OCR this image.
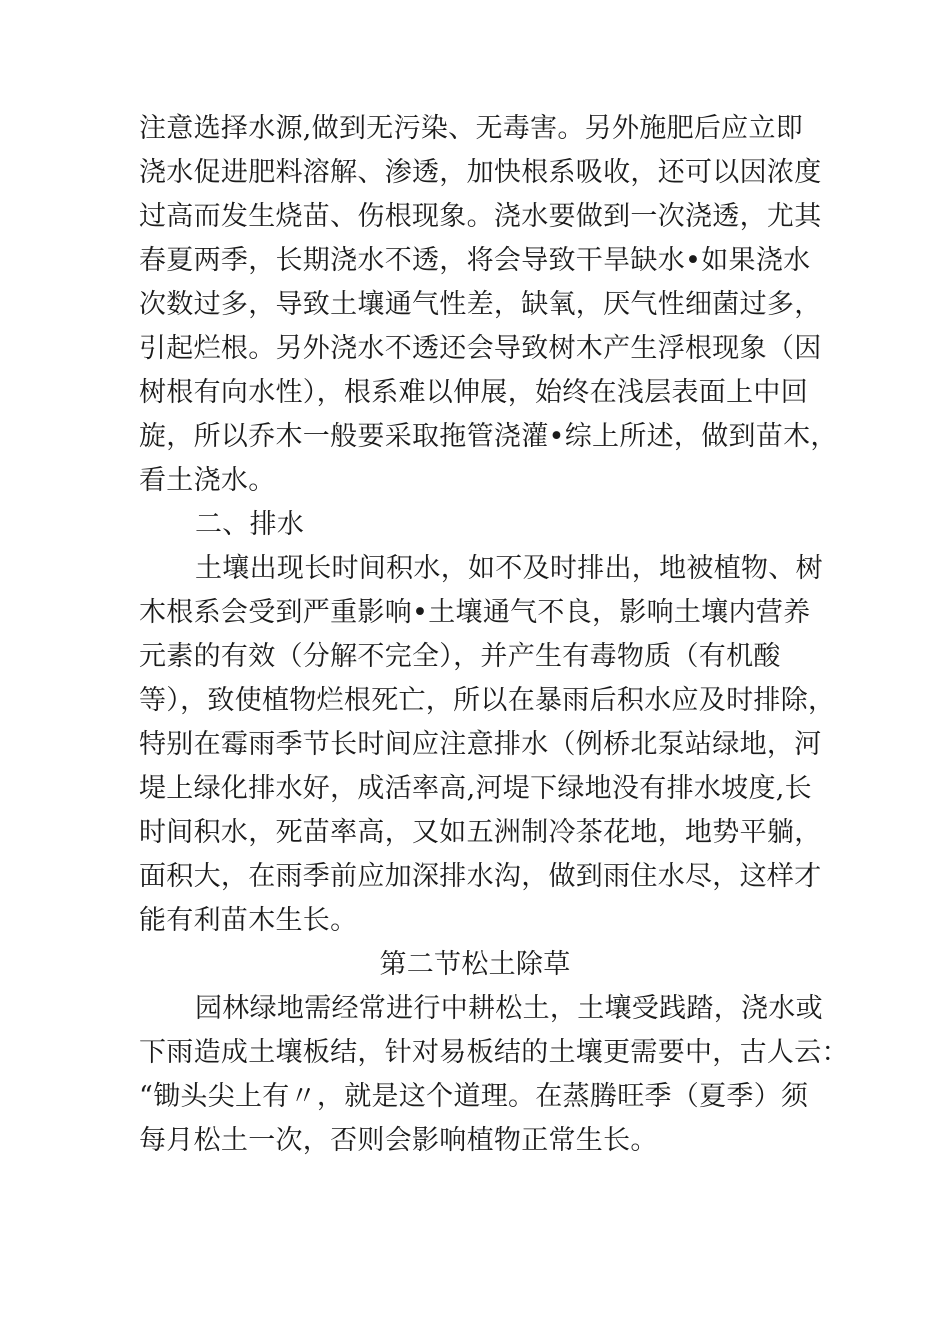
注意选择水源,做到无污染、无毒害。另外施肥后应立即
浇水促进肥料溶解、渗透，加快根系吸收，还可以因浓度
过高而发生烧苗、伤根现象。浇水要做到一次浇透，尤其
春夏两季，长期浇水不透，将会导致干旱缺水•如果浇水
次数过多，导致土壤通气性差，缺氧，厌气性细菌过多，
引起烂根。另外浇水不透还会导致树木产生浮根现象（因
树根有向水性），根系难以伸展，始终在浅层表面上中回
旋，所以乔木一般要采取拖管浇灌•综上所述，做到苗木，
看土浇水。
二、排水
土壤出现长时间积水，如不及时排出，地被植物、树
木根系会受到严重影响•土壤通气不良，影响土壤内营养
元素的有效（分解不完全），并产生有毒物质（有机酸
等），致使植物烂根死亡，所以在暴雨后积水应及时排除，
特别在霉雨季节长时间应注意排水（例桥北泵站绿地，河
堤上绿化排水好，成活率高,河堤下绿地没有排水坡度,长
时间积水，死苗率高，又如五洲制冷茶花地，地势平躺，
面积大，在雨季前应加深排水沟，做到雨住水尽，这样才
能有利苗木生长。
第二节松土除草
园林绿地需经常进行中耕松土，土壤受践踏，浇水或
下雨造成土壤板结，针对易板结的土壤更需要中，古人云：
“锄头尖上有〃，就是这个道理。在蒸腾旺季（夏季）须
每月松土一次，否则会影响植物正常生长。
